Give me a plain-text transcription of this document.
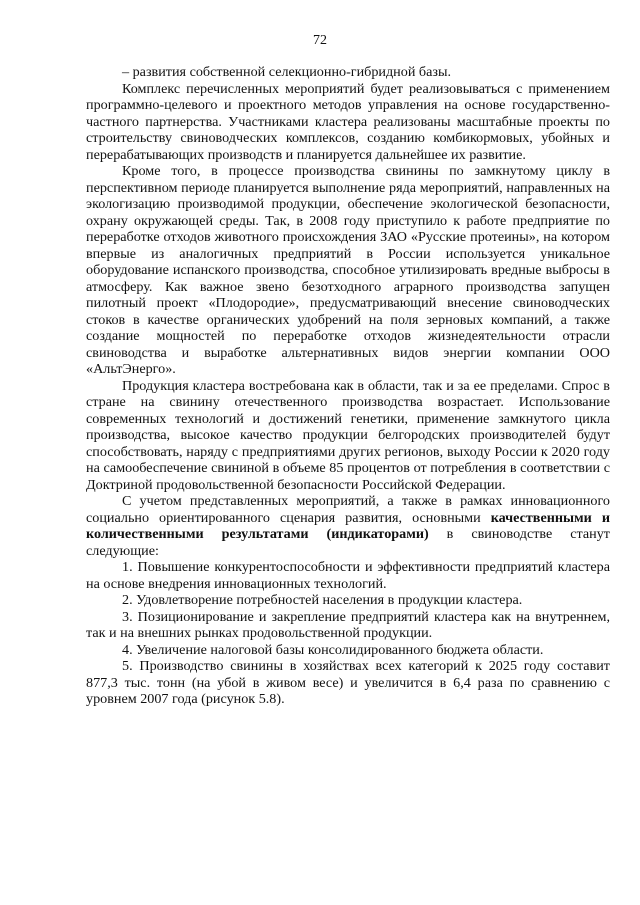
72

– развития собственной селекционно-гибридной базы.

Комплекс перечисленных мероприятий будет реализовываться с применением программно-целевого и проектного методов управления на основе государственно-частного партнерства. Участниками кластера реализованы масштабные проекты по строительству свиноводческих комплексов, созданию комбикормовых, убойных и перерабатывающих производств и планируется дальнейшее их развитие.

Кроме того, в процессе производства свинины по замкнутому циклу в перспективном периоде планируется выполнение ряда мероприятий, направленных на экологизацию производимой продукции, обеспечение экологической безопасности, охрану окружающей среды. Так, в 2008 году приступило к работе предприятие по переработке отходов животного происхождения ЗАО «Русские протеины», на котором впервые из аналогичных предприятий в России используется уникальное оборудование испанского производства, способное утилизировать вредные выбросы в атмосферу. Как важное звено безотходного аграрного производства запущен пилотный проект «Плодородие», предусматривающий внесение свиноводческих стоков в качестве органических удобрений на поля зерновых компаний, а также создание мощностей по переработке отходов жизнедеятельности отрасли свиноводства и выработке альтернативных видов энергии компании ООО «АльтЭнерго».

Продукция кластера востребована как в области, так и за ее пределами. Спрос в стране на свинину отечественного производства возрастает. Использование современных технологий и достижений генетики, применение замкнутого цикла производства, высокое качество продукции белгородских производителей будут способствовать, наряду с предприятиями других регионов, выходу России к 2020 году на самообеспечение свининой в объеме 85 процентов от потребления в соответствии с Доктриной продовольственной безопасности Российской Федерации.

С учетом представленных мероприятий, а также в рамках инновационного социально ориентированного сценария развития, основными качественными и количественными результатами (индикаторами) в свиноводстве станут следующие:

1. Повышение конкурентоспособности и эффективности предприятий кластера на основе внедрения инновационных технологий.

2. Удовлетворение потребностей населения в продукции кластера.

3. Позиционирование и закрепление предприятий кластера как на внутреннем, так и на внешних рынках продовольственной продукции.

4. Увеличение налоговой базы консолидированного бюджета области.

5. Производство свинины в хозяйствах всех категорий к 2025 году составит 877,3 тыс. тонн (на убой в живом весе) и увеличится в 6,4 раза по сравнению с уровнем 2007 года (рисунок 5.8).
